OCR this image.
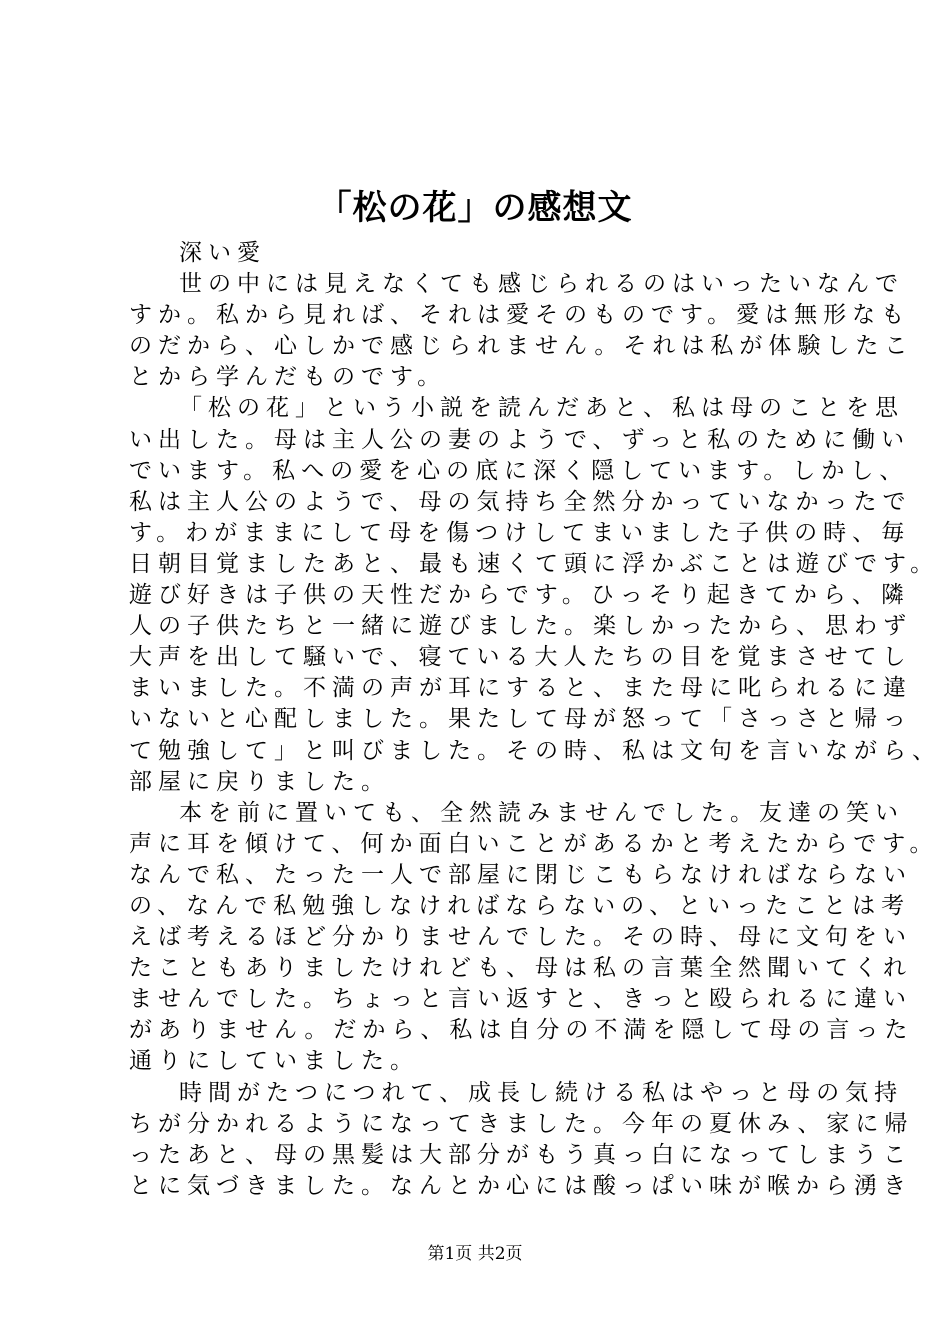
「松の花」の感想文
深い愛
世の中には見えなくても感じられるのはいったいなんで
すか。私から見れば、それは愛そのものです。愛は無形なも
のだから、心しかで感じられません。それは私が体験したこ
とから学んだものです。
「松の花」という小説を読んだあと、私は母のことを思
い出した。母は主人公の妻のようで、ずっと私のために働い
でいます。私への愛を心の底に深く隠しています。しかし、
私は主人公のようで、母の気持ち全然分かっていなかったで
す。わがままにして母を傷つけしてまいました子供の時、毎
日朝目覚ましたあと、最も速くて頭に浮かぶことは遊びです。
遊び好きは子供の天性だからです。ひっそり起きてから、隣
人の子供たちと一緒に遊びました。楽しかったから、思わず
大声を出して騒いで、寝ている大人たちの目を覚まさせてし
まいました。不満の声が耳にすると、また母に叱られるに違
いないと心配しました。果たして母が怒って「さっさと帰っ
て勉強して」と叫びました。その時、私は文句を言いながら、
部屋に戻りました。
本を前に置いても、全然読みませんでした。友達の笑い
声に耳を傾けて、何か面白いことがあるかと考えたからです。
なんで私、たった一人で部屋に閉じこもらなければならない
の、なんで私勉強しなければならないの、といったことは考
えば考えるほど分かりませんでした。その時、母に文句をい
たこともありましたけれども、母は私の言葉全然聞いてくれ
ませんでした。ちょっと言い返すと、きっと殴られるに違い
がありません。だから、私は自分の不満を隠して母の言った
通りにしていました。
時間がたつにつれて、成長し続ける私はやっと母の気持
ちが分かれるようになってきました。今年の夏休み、家に帰
ったあと、母の黒髪は大部分がもう真っ白になってしまうこ
とに気づきました。なんとか心には酸っぱい味が喉から湧き

第1页 共2页
